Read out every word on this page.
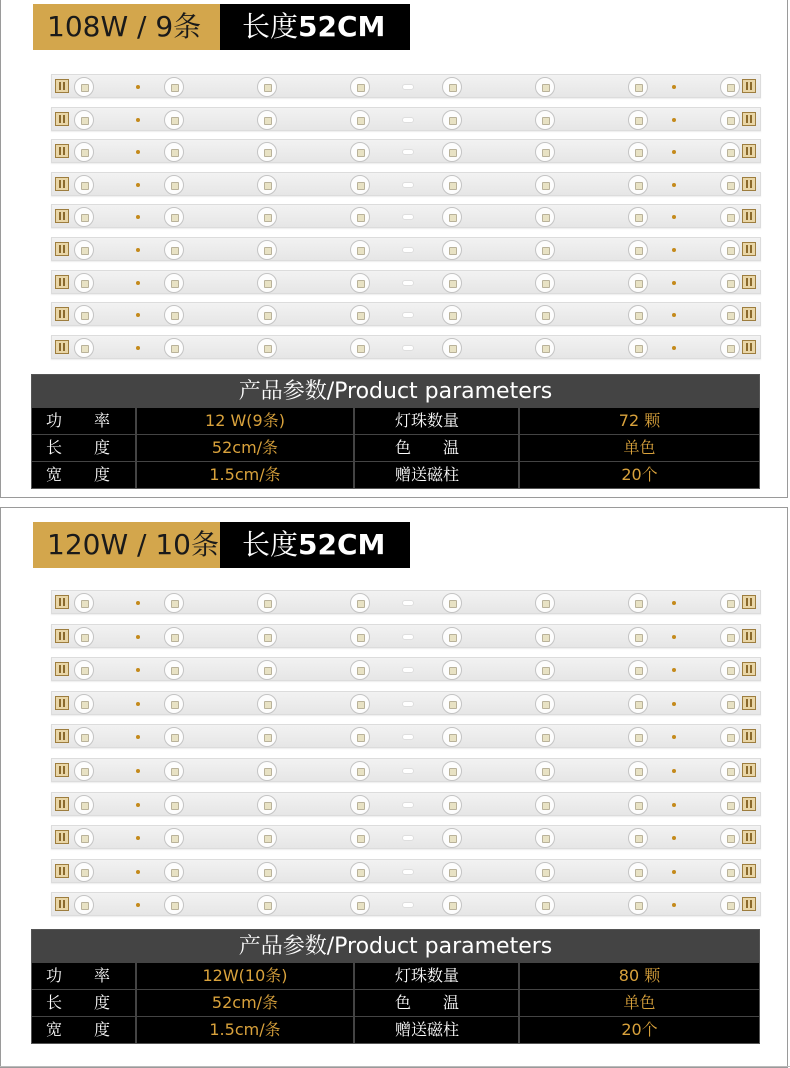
108W / 9条	长度52CM
产品参数/Product parameters
功　　率	12 W(9条)	灯珠数量	72 颗
长　　度	52cm/条	色　　温	单色
宽　　度	1.5cm/条	赠送磁柱	20个
120W / 10条 长度52CM
产品参数/Product parameters
功　　率	12W(10条)	灯珠数量	80 颗
长　　度	52cm/条	色　　温	单色
宽　　度	1.5cm/条	赠送磁柱	20个
